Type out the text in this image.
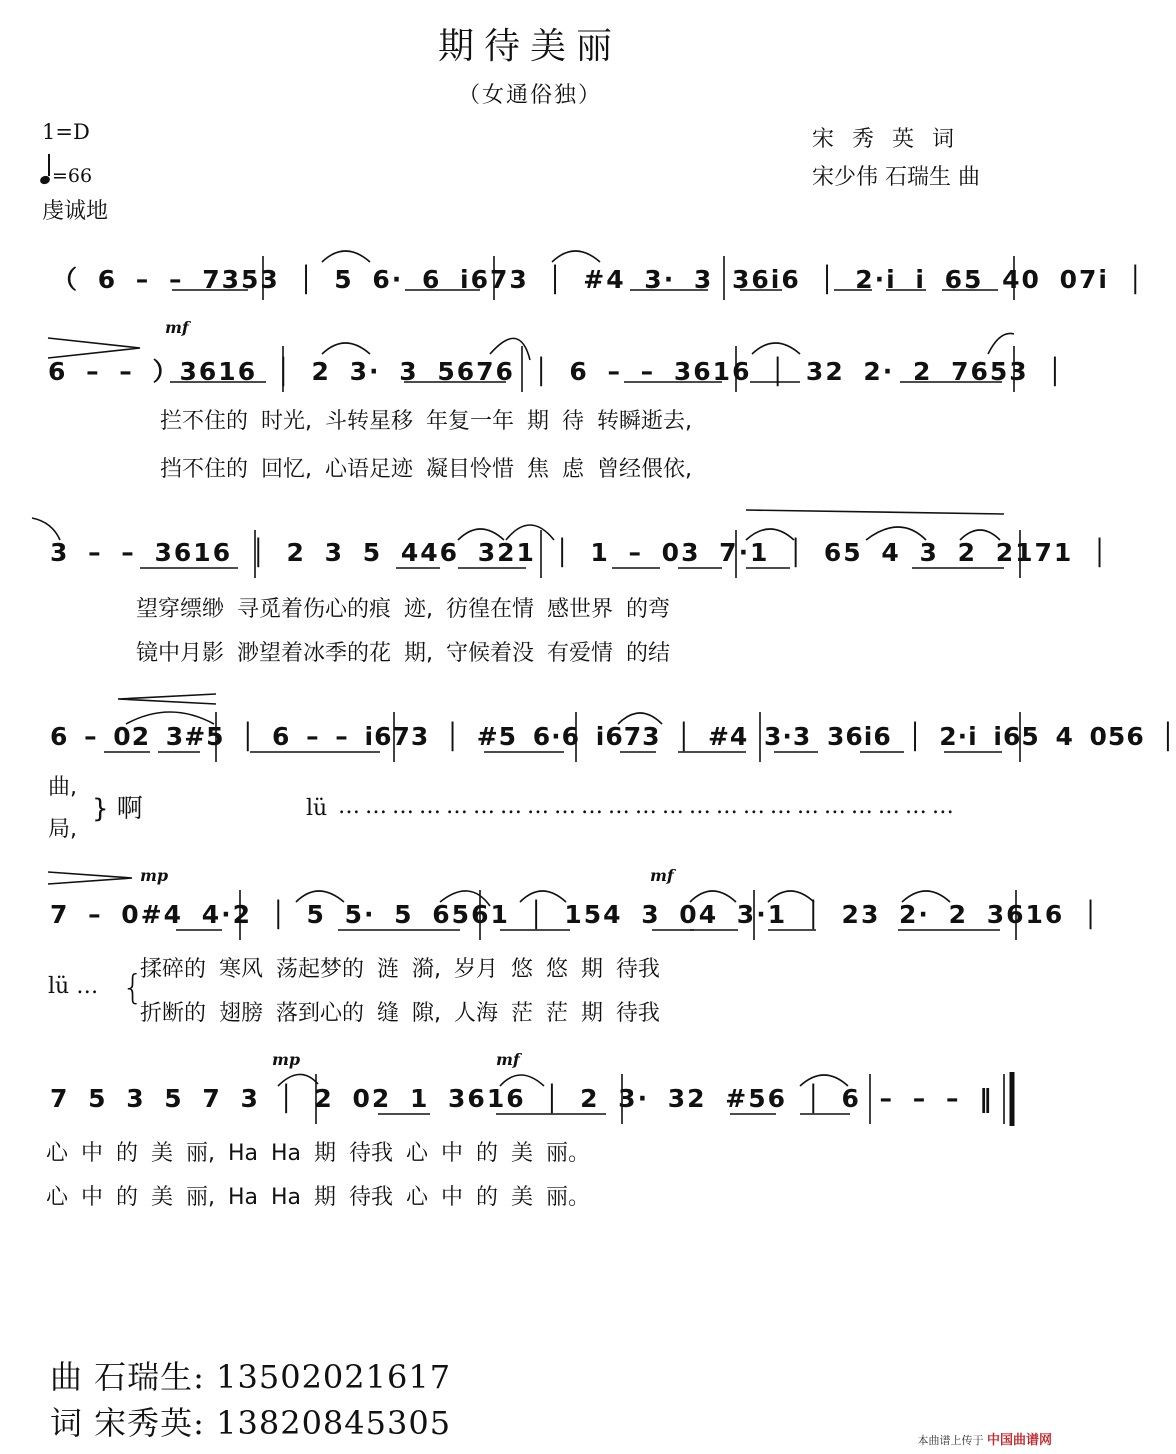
期待美丽
（女通俗独）
1=D
=66
虔诚地
宋秀英词
宋少伟 石瑞生 曲
（ 6 – – 7353 │ 5 6· 6 i673 │ #4 3· 3 36i6 │ 2·i i 65 40 07i │
mf
6 – – ）3616 │ 2 3· 3 5676 │ 6 – – 3616 │ 32 2· 2 7653 │
拦不住的 时光, 斗转星移 年复一年 期 待 转瞬逝去,
挡不住的 回忆, 心语足迹 凝目怜惜 焦 虑 曾经偎依,
3 – – 3616 │ 2 3 5 446 321 │ 1 – 03 7·1 │ 65 4 3 2 2171 │
望穿缥缈 寻觅着伤心的痕 迹, 彷徨在情 感世界 的弯
镜中月影 渺望着冰季的花 期, 守候着没 有爱情 的结
6 – 02 3#5 │ 6 – – i673 │ #5 6·6 i673 │ #4 3·3 36i6 │ 2·i i65 4 056 │
曲,
局,
} 啊	lü … … … … … … … … … … … … … … … … … … … … … … …
mp	mf
7 – 0#4 4·2 │ 5 5· 5 6561 │ 154 3 04 3·1 │ 23 2· 2 3616 │
lü … {
揉碎的 寒风 荡起梦的 涟 漪, 岁月 悠 悠 期 待我
折断的 翅膀 落到心的 缝 隙, 人海 茫 茫 期 待我
mp	mf
7 5 3 5 7 3 │ 2 02 1 3616 │ 2 3· 32 #56 │ 6 – – – ‖
心 中 的 美 丽, Ha Ha 期 待我 心 中 的 美 丽。
心 中 的 美 丽, Ha Ha 期 待我 心 中 的 美 丽。
曲 石瑞生: 13502021617
词 宋秀英: 13820845305	本曲谱上传于 中国曲谱网
